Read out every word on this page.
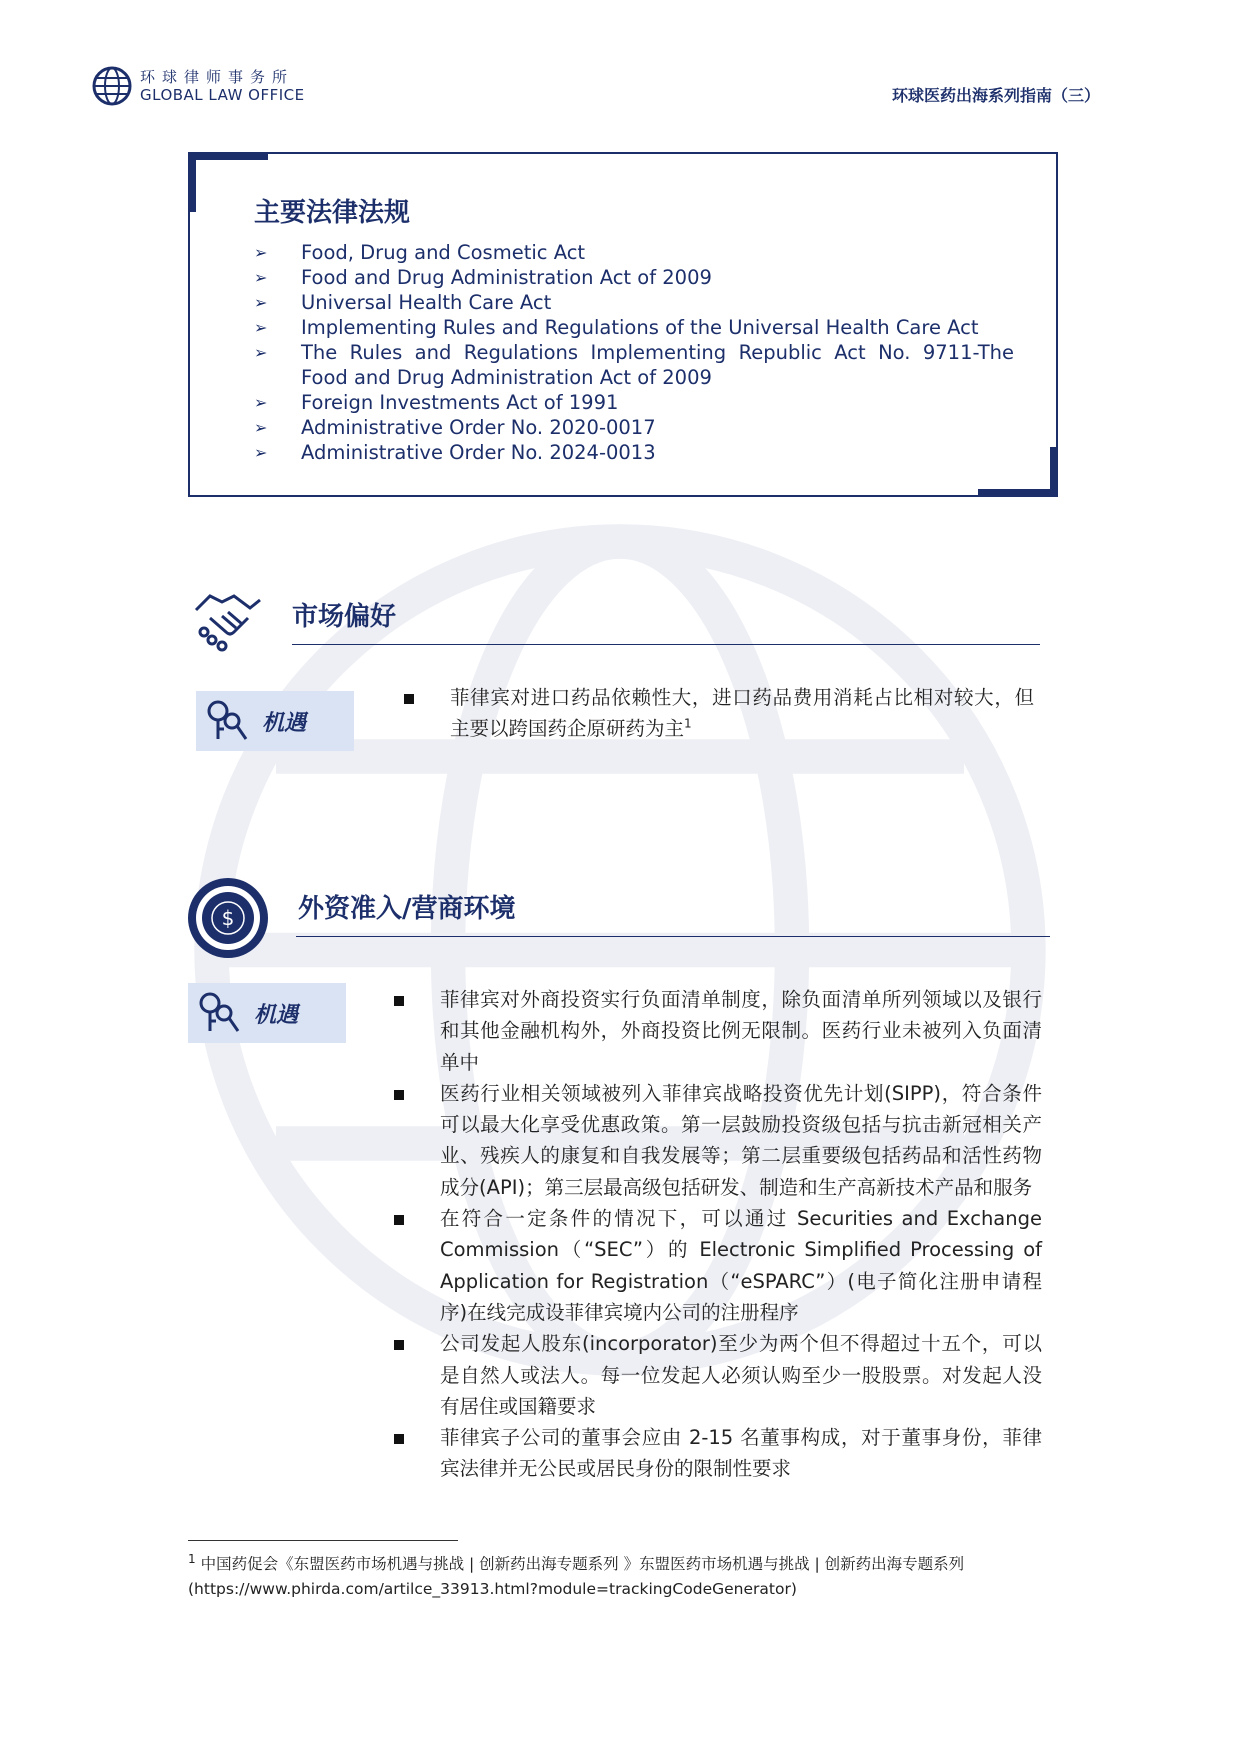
环球律师事务所
GLOBAL LAW OFFICE	环球医药出海系列指南（三）
主要法律法规
➢ Food, Drug and Cosmetic Act
➢ Food and Drug Administration Act of 2009
➢ Universal Health Care Act
➢ Implementing Rules and Regulations of the Universal Health Care Act
➢ The Rules and Regulations Implementing Republic Act No. 9711-The Food and Drug Administration Act of 2009
➢ Foreign Investments Act of 1991
➢ Administrative Order No. 2020-0017
➢ Administrative Order No. 2024-0013
市场偏好
机遇
菲律宾对进口药品依赖性大，进口药品费用消耗占比相对较大，但主要以跨国药企原研药为主$^1$
$ 外资准入/营商环境
机遇
菲律宾对外商投资实行负面清单制度，除负面清单所列领域以及银行和其他金融机构外，外商投资比例无限制。医药行业未被列入负面清单中
医药行业相关领域被列入菲律宾战略投资优先计划(SIPP)，符合条件可以最大化享受优惠政策。第一层鼓励投资级包括与抗击新冠相关产业、残疾人的康复和自我发展等；第二层重要级包括药品和活性药物成分(API)；第三层最高级包括研发、制造和生产高新技术产品和服务
在符合一定条件的情况下，可以通过 Securities and Exchange Commission（“SEC”）的 Electronic Simplified Processing of Application for Registration（“eSPARC”）(电子简化注册申请程序)在线完成设菲律宾境内公司的注册程序
公司发起人股东(incorporator)至少为两个但不得超过十五个，可以是自然人或法人。每一位发起人必须认购至少一股股票。对发起人没有居住或国籍要求
菲律宾子公司的董事会应由 2-15 名董事构成，对于董事身份，菲律宾法律并无公民或居民身份的限制性要求
$^1$ 中国药促会《东盟医药市场机遇与挑战 | 创新药出海专题系列 》东盟医药市场机遇与挑战 | 创新药出海专题系列(https://www.phirda.com/artilce_33913.html?module=trackingCodeGenerator)
